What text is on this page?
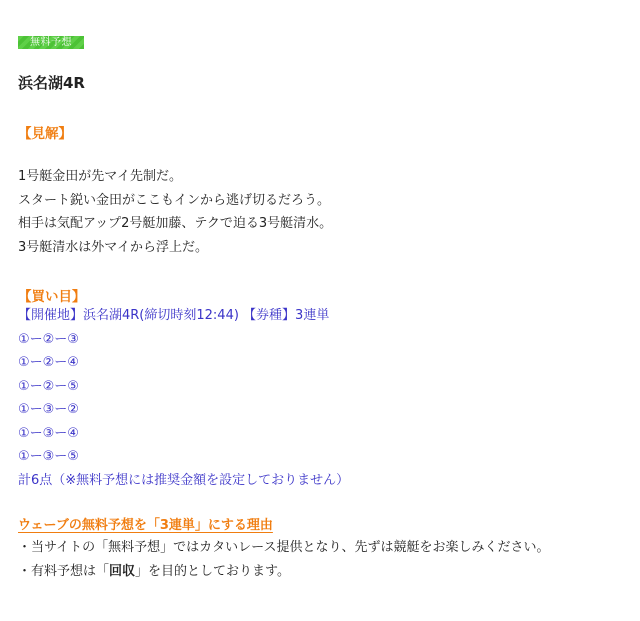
無料予想
浜名湖4R
【見解】
1号艇金田が先マイ先制だ。
スタート鋭い金田がここもインから逃げ切るだろう。
相手は気配アップ2号艇加藤、テクで迫る3号艇清水。
3号艇清水は外マイから浮上だ。
【買い目】
【開催地】浜名湖4R(締切時刻12:44) 【券種】3連単
①ー②ー③
①ー②ー④
①ー②ー⑤
①ー③ー②
①ー③ー④
①ー③ー⑤
計6点（※無料予想には推奨金額を設定しておりません）
ウェーブの無料予想を「3連単」にする理由
・当サイトの「無料予想」ではカタいレース提供となり、先ずは競艇をお楽しみください。
・有料予想は「回収」を目的としております。
